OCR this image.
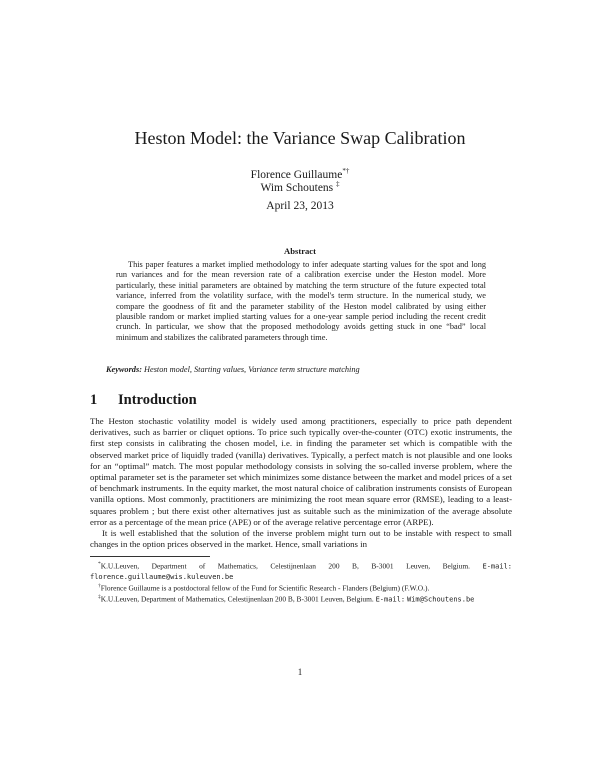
Heston Model: the Variance Swap Calibration
Florence Guillaume*†
Wim Schoutens ‡
April 23, 2013
Abstract
This paper features a market implied methodology to infer adequate starting values for the spot and long run variances and for the mean reversion rate of a calibration exercise under the Heston model. More particularly, these initial parameters are obtained by matching the term structure of the future expected total variance, inferred from the volatility surface, with the model's term structure. In the numerical study, we compare the goodness of fit and the parameter stability of the Heston model calibrated by using either plausible random or market implied starting values for a one-year sample period including the recent credit crunch. In particular, we show that the proposed methodology avoids getting stuck in one “bad” local minimum and stabilizes the calibrated parameters through time.
Keywords: Heston model, Starting values, Variance term structure matching
1 Introduction

The Heston stochastic volatility model is widely used among practitioners, especially to price path dependent derivatives, such as barrier or cliquet options. To price such typically over-the-counter (OTC) exotic instruments, the first step consists in calibrating the chosen model, i.e. in finding the parameter set which is compatible with the observed market price of liquidly traded (vanilla) derivatives. Typically, a perfect match is not plausible and one looks for an “optimal” match. The most popular methodology consists in solving the so-called inverse problem, where the optimal parameter set is the parameter set which minimizes some distance between the market and model prices of a set of benchmark instruments. In the equity market, the most natural choice of calibration instruments consists of European vanilla options. Most commonly, practitioners are minimizing the root mean square error (RMSE), leading to a least-squares problem ; but there exist other alternatives just as suitable such as the minimization of the average absolute error as a percentage of the mean price (APE) or of the average relative percentage error (ARPE).

It is well established that the solution of the inverse problem might turn out to be instable with respect to small changes in the option prices observed in the market. Hence, small variations in

*K.U.Leuven, Department of Mathematics, Celestijnenlaan 200 B, B-3001 Leuven, Belgium. E-mail: florence.guillaume@wis.kuleuven.be

†Florence Guillaume is a postdoctoral fellow of the Fund for Scientific Research - Flanders (Belgium) (F.W.O.).

‡K.U.Leuven, Department of Mathematics, Celestijnenlaan 200 B, B-3001 Leuven, Belgium. E-mail: Wim@Schoutens.be

1
